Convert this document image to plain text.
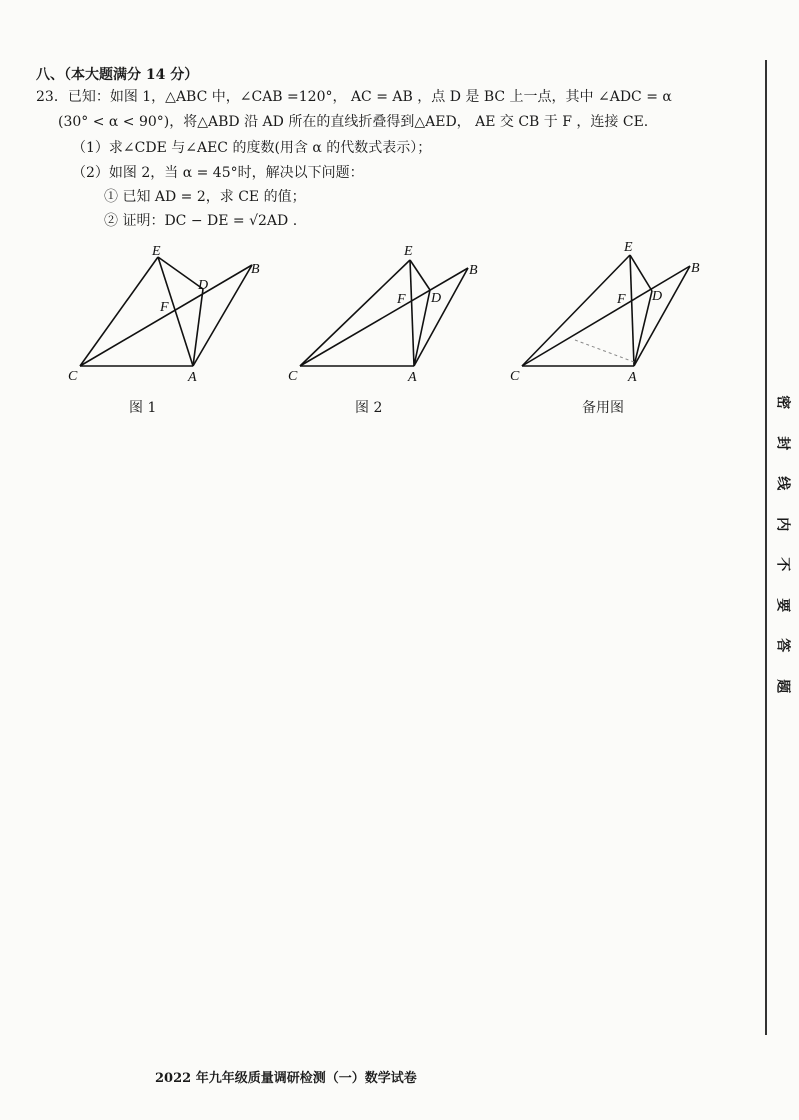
八、（本大题满分 14 分）
23．已知：如图 1，△ABC 中，∠CAB =120°， AC = AB ，点 D 是 BC 上一点，其中 ∠ADC = α
(30° < α < 90°)，将△ABD 沿 AD 所在的直线折叠得到△AED， AE 交 CB 于 F ，连接 CE.
（1）求∠CDE 与∠AEC 的度数(用含 α 的代数式表示）；
（2）如图 2，当 α = 45°时，解决以下问题：
① 已知 AD = 2，求 CE 的值；
② 证明：DC − DE = √2AD .
E
D
F
B
C	A
E
D
F
B
C	A
E
D
F
B
C	A
图 1	图 2	备用图	密
封
线
内
不
要
答
题
2022 年九年级质量调研检测（一）数学试卷
